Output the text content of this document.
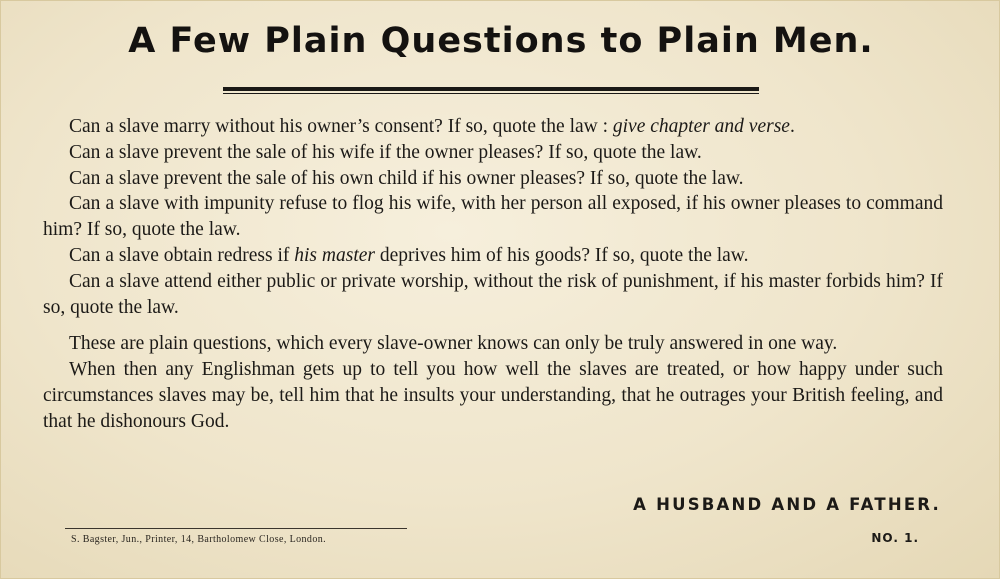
A Few Plain Questions to Plain Men.

Can a slave marry without his owner’s consent? If so, quote the law : give chapter and verse.

Can a slave prevent the sale of his wife if the owner pleases? If so, quote the law.

Can a slave prevent the sale of his own child if his owner pleases? If so, quote the law.

Can a slave with impunity refuse to flog his wife, with her person all exposed, if his owner pleases to command him? If so, quote the law.

Can a slave obtain redress if his master deprives him of his goods? If so, quote the law.

Can a slave attend either public or private worship, without the risk of punishment, if his master forbids him? If so, quote the law.

These are plain questions, which every slave-owner knows can only be truly answered in one way.

When then any Englishman gets up to tell you how well the slaves are treated, or how happy under such circumstances slaves may be, tell him that he insults your understanding, that he outrages your British feeling, and that he dishonours God.

A HUSBAND AND A FATHER.
S. Bagster, Jun., Printer, 14, Bartholomew Close, London.	NO. 1.
